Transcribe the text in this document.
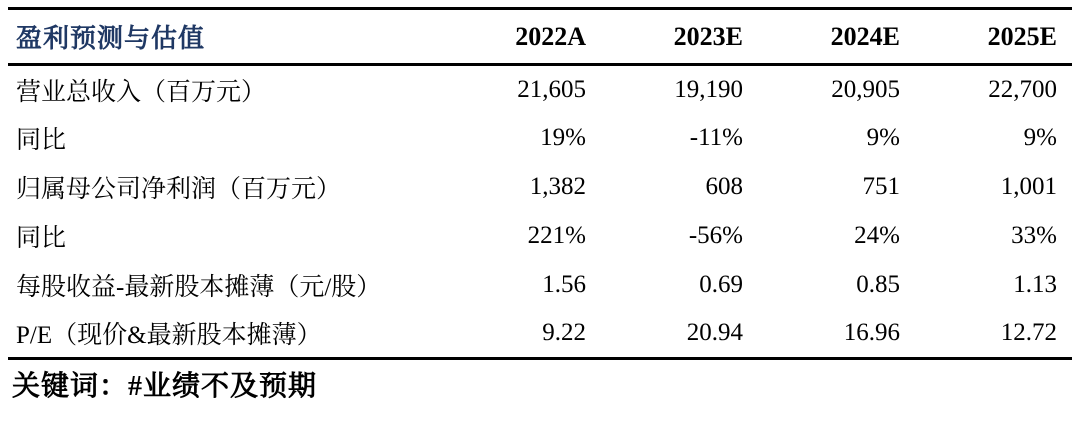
盈利预测与估值	2022A	2023E	2024E	2025E
营业总收入（百万元）	21,605	19,190	20,905	22,700
同比	19%	-11%	9%	9%
归属母公司净利润（百万元）	1,382	608	751	1,001
同比	221%	-56%	24%	33%
每股收益-最新股本摊薄（元/股）	1.56	0.69	0.85	1.13
P/E（现价&最新股本摊薄）	9.22	20.94	16.96	12.72
关键词：#业绩不及预期
